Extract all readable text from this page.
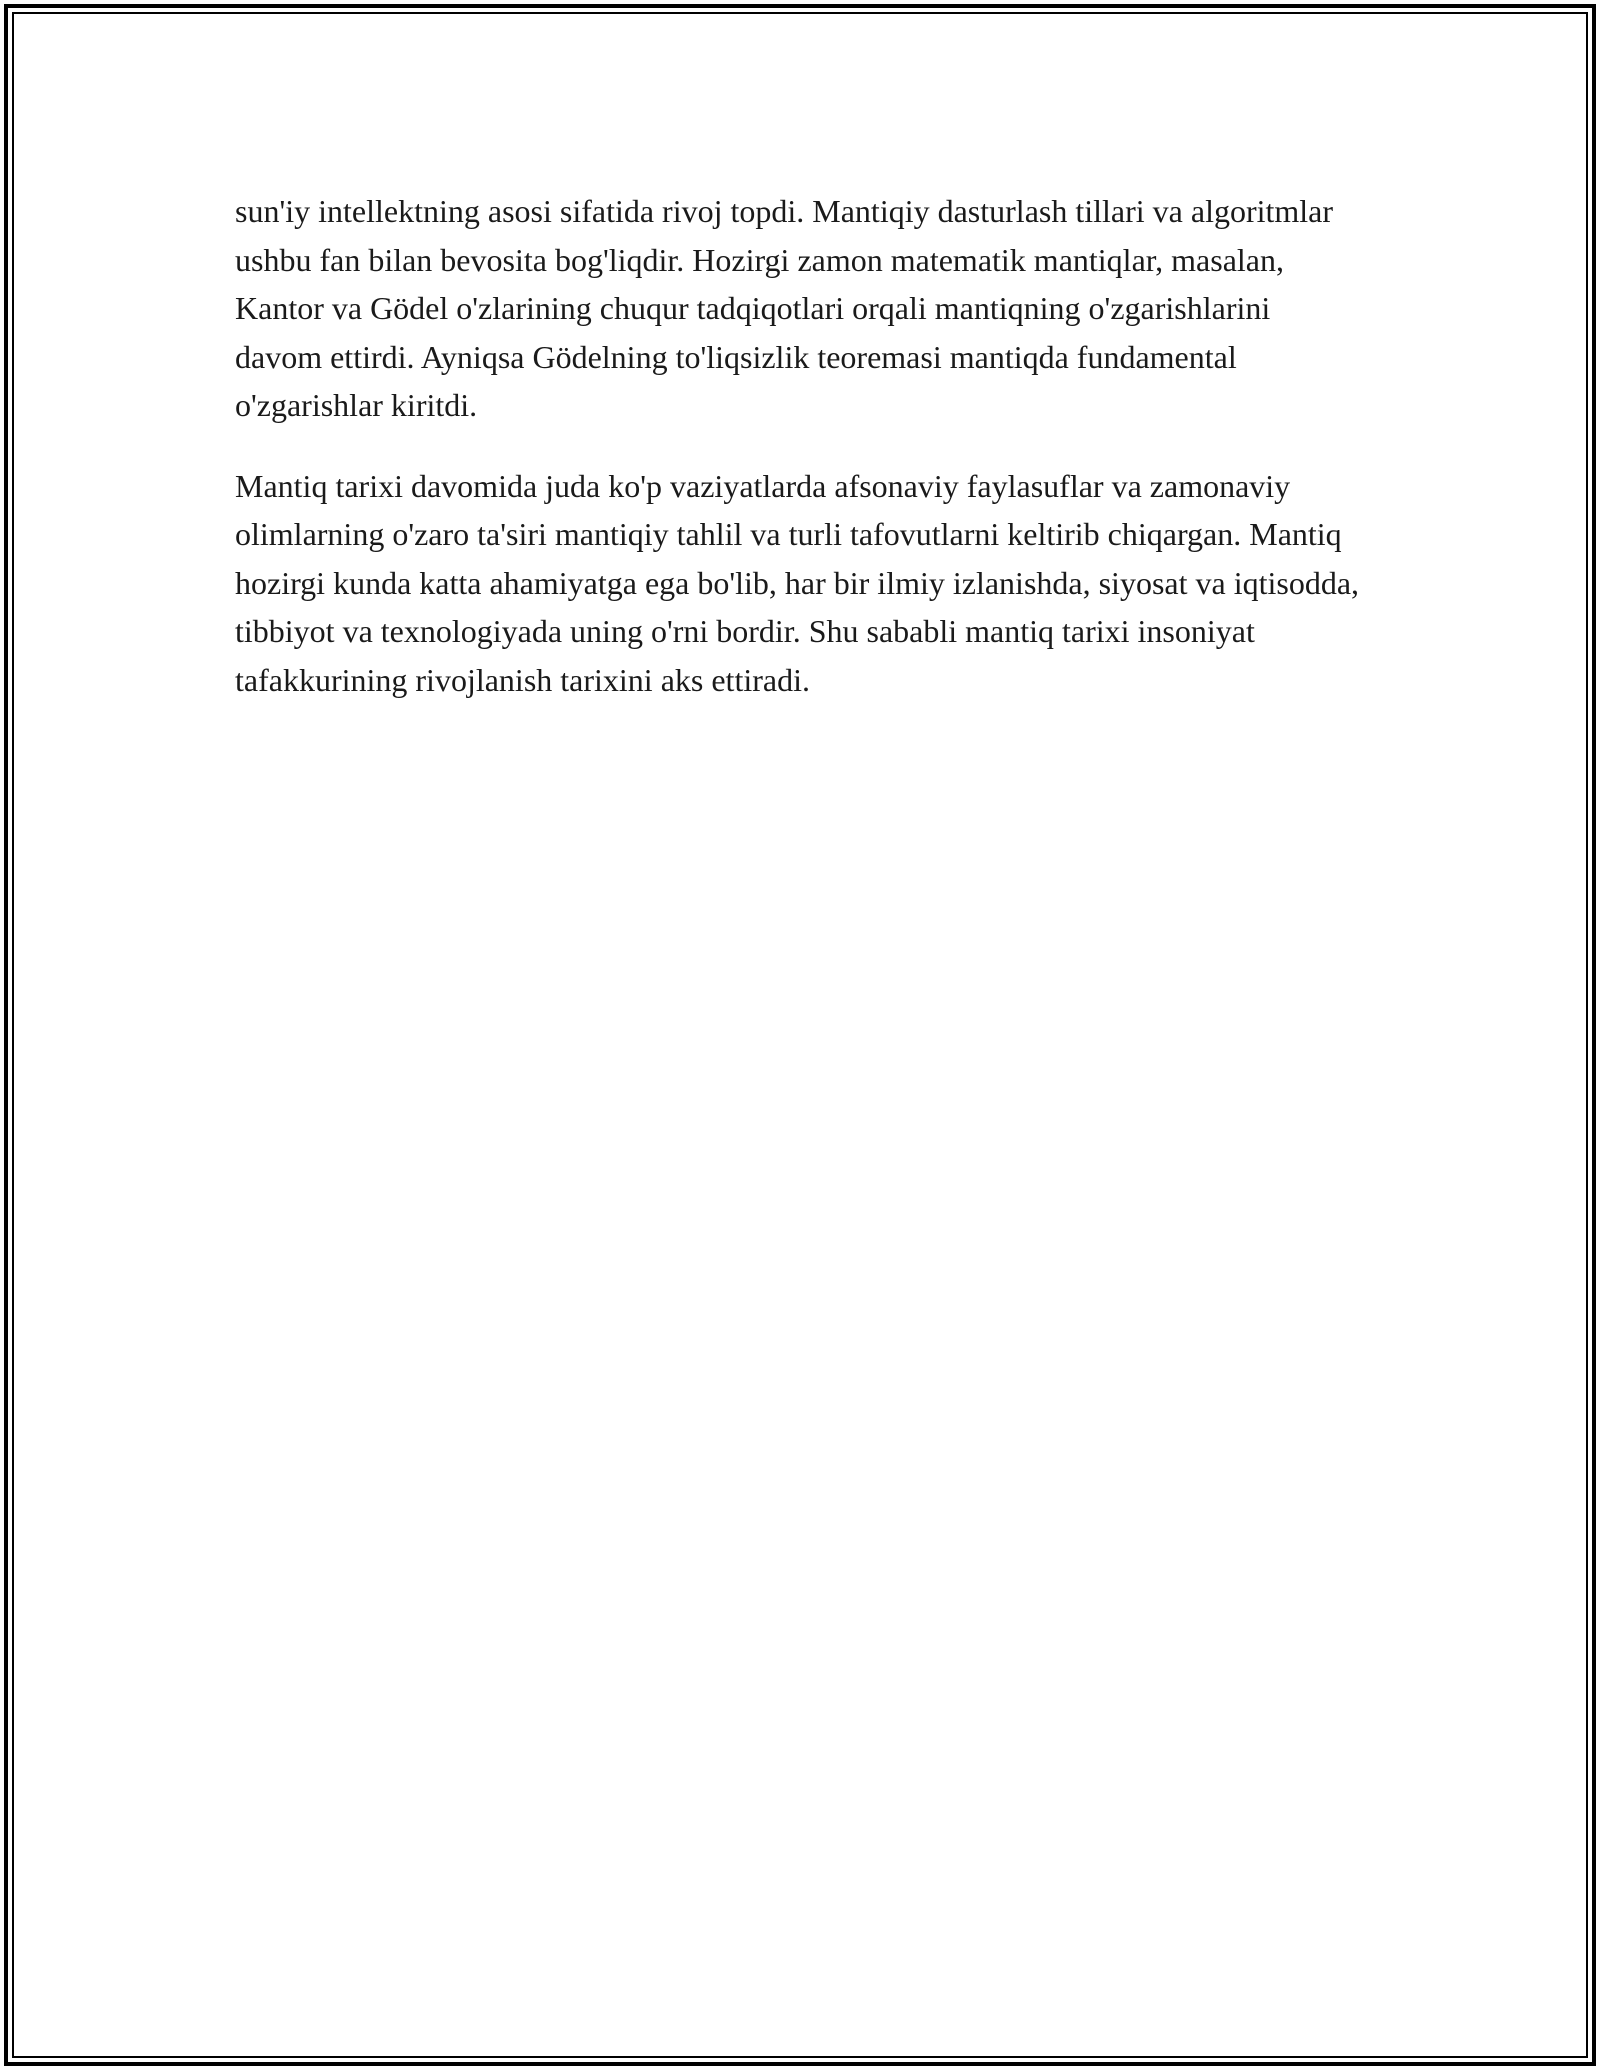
sun'iy intellektning asosi sifatida rivoj topdi. Mantiqiy dasturlash tillari va algoritmlar ushbu fan bilan bevosita bog'liqdir. Hozirgi zamon matematik mantiqlar, masalan, Kantor va Gödel o'zlarining chuqur tadqiqotlari orqali mantiqning o'zgarishlarini davom ettirdi. Ayniqsa Gödelning to'liqsizlik teoremasi mantiqda fundamental o'zgarishlar kiritdi.

Mantiq tarixi davomida juda ko'p vaziyatlarda afsonaviy faylasuflar va zamonaviy olimlarning o'zaro ta'siri mantiqiy tahlil va turli tafovutlarni keltirib chiqargan. Mantiq hozirgi kunda katta ahamiyatga ega bo'lib, har bir ilmiy izlanishda, siyosat va iqtisodda, tibbiyot va texnologiyada uning o'rni bordir. Shu sababli mantiq tarixi insoniyat tafakkurining rivojlanish tarixini aks ettiradi.
